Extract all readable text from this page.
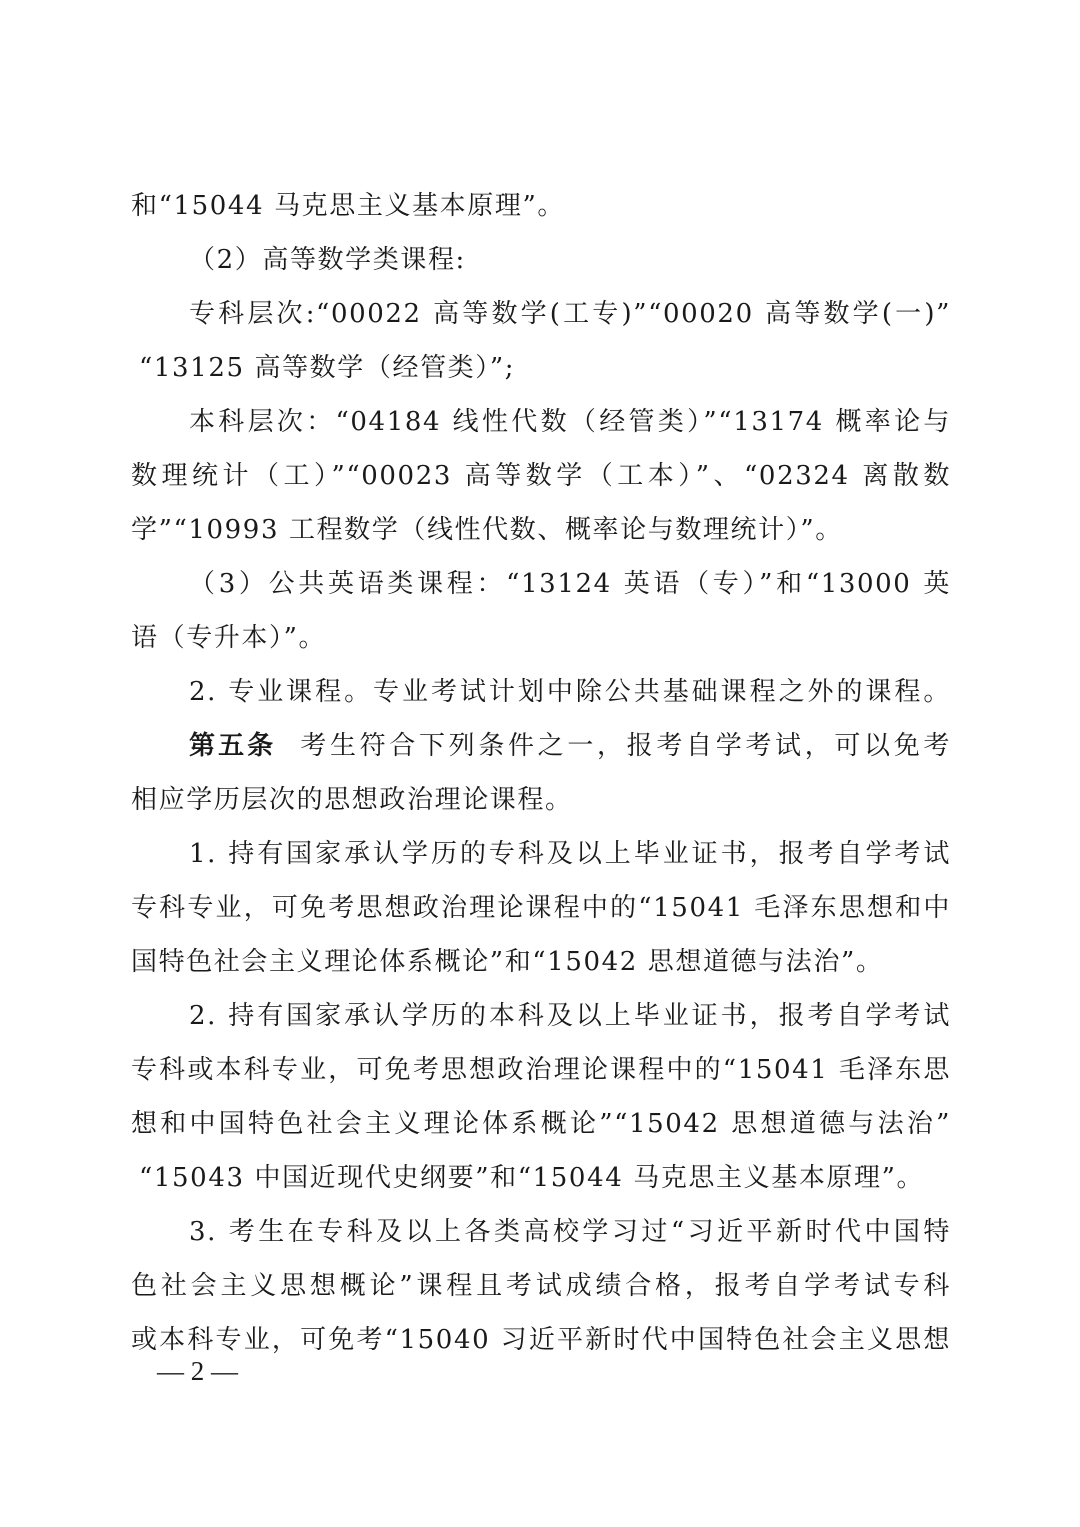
和“15044 马克思主义基本原理”。
（2）高等数学类课程:
专科层次:“00022 高等数学(工专)”“00020 高等数学(一)”
“13125 高等数学（经管类）”;
本科层次：“04184 线性代数（经管类）”“13174 概率论与
数理统计（工）”“00023 高等数学（工本）”、“02324 离散数
学”“10993 工程数学（线性代数、概率论与数理统计）”。
（3）公共英语类课程：“13124 英语（专）”和“13000 英
语（专升本）”。
2. 专业课程。专业考试计划中除公共基础课程之外的课程。
第五条 考生符合下列条件之一，报考自学考试，可以免考
相应学历层次的思想政治理论课程。
1. 持有国家承认学历的专科及以上毕业证书，报考自学考试
专科专业，可免考思想政治理论课程中的“15041 毛泽东思想和中
国特色社会主义理论体系概论”和“15042 思想道德与法治”。
2. 持有国家承认学历的本科及以上毕业证书，报考自学考试
专科或本科专业，可免考思想政治理论课程中的“15041 毛泽东思
想和中国特色社会主义理论体系概论”“15042 思想道德与法治”
“15043 中国近现代史纲要”和“15044 马克思主义基本原理”。
3. 考生在专科及以上各类高校学习过“习近平新时代中国特
色社会主义思想概论”课程且考试成绩合格，报考自学考试专科
或本科专业，可免考“15040 习近平新时代中国特色社会主义思想
— 2 —
